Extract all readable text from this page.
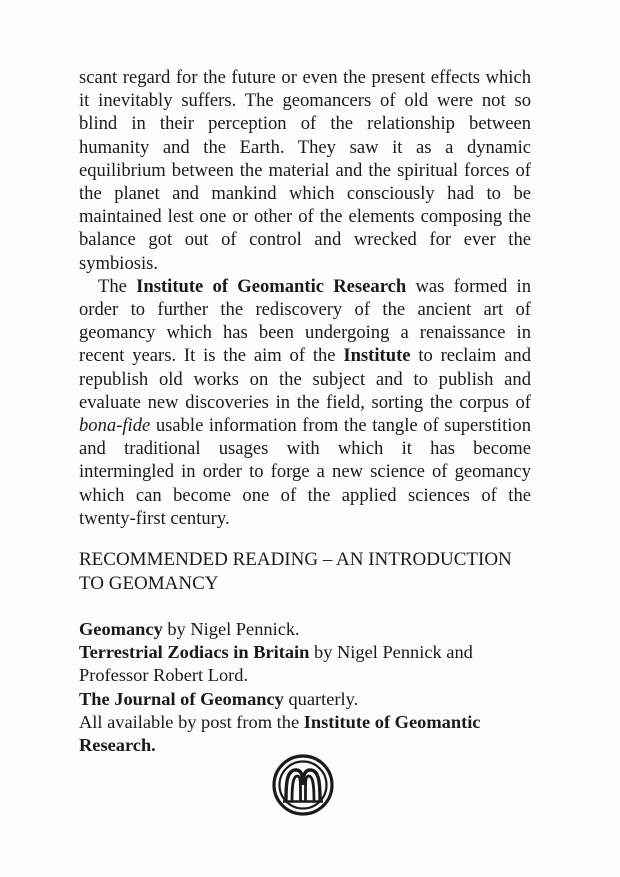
scant regard for the future or even the present effects which it inevitably suffers. The geomancers of old were not so blind in their perception of the relationship between humanity and the Earth. They saw it as a dynamic equilibrium between the material and the spiritual forces of the planet and mankind which consciously had to be maintained lest one or other of the elements composing the balance got out of control and wrecked for ever the symbiosis.

The Institute of Geomantic Research was formed in order to further the rediscovery of the ancient art of geomancy which has been undergoing a renaissance in recent years. It is the aim of the Institute to reclaim and republish old works on the subject and to publish and evaluate new discoveries in the field, sorting the corpus of bona-fide usable information from the tangle of superstition and traditional usages with which it has become intermingled in order to forge a new science of geomancy which can become one of the applied sciences of the twenty-first century.

RECOMMENDED READING – AN INTRODUCTION
TO GEOMANCY
Geomancy by Nigel Pennick.
Terrestrial Zodiacs in Britain by Nigel Pennick and
Professor Robert Lord.
The Journal of Geomancy quarterly.
All available by post from the Institute of Geomantic
Research.
